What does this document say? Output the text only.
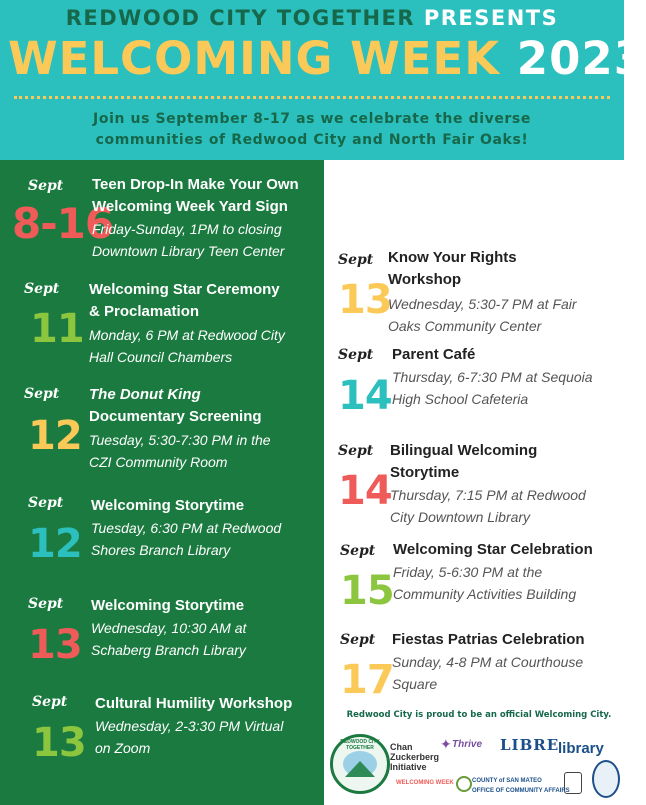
REDWOOD CITY TOGETHER PRESENTS
WELCOMING WEEK 2023
Join us September 8-17 as we celebrate the diverse
communities of Redwood City and North Fair Oaks!
Sept
8-16
Teen Drop-In Make Your Own
Welcoming Week Yard Sign
Friday-Sunday, 1PM to closing
Downtown Library Teen Center
Sept
11
Welcoming Star Ceremony
& Proclamation
Monday, 6 PM at Redwood City
Hall Council Chambers
Sept
12
The Donut King
Documentary Screening
Tuesday, 5:30-7:30 PM in the
CZI Community Room
Sept
12
Welcoming Storytime
Tuesday, 6:30 PM at Redwood
Shores Branch Library
Sept
13
Welcoming Storytime
Wednesday, 10:30 AM at
Schaberg Branch Library
Sept
13
Cultural Humility Workshop
Wednesday, 2-3:30 PM Virtual
on Zoom
Sept
13
Know Your Rights
Workshop
Wednesday, 5:30-7 PM at Fair
Oaks Community Center
Sept
14
Parent Café
Thursday, 6-7:30 PM at Sequoia
High School Cafeteria
Sept
14
Bilingual Welcoming
Storytime
Thursday, 7:15 PM at Redwood
City Downtown Library
Sept
15
Welcoming Star Celebration
Friday, 5-6:30 PM at the
Community Activities Building
Sept
17
Fiestas Patrias Celebration
Sunday, 4-8 PM at Courthouse
Square
Redwood City is proud to be an official Welcoming City.
REDWOOD CITY TOGETHER	Chan
Zuckerberg
Initiative
✦ Thrive LIBRE
library
WELCOMING WEEK	COUNTY of SAN MATEO
OFFICE OF COMMUNITY AFFAIRS
